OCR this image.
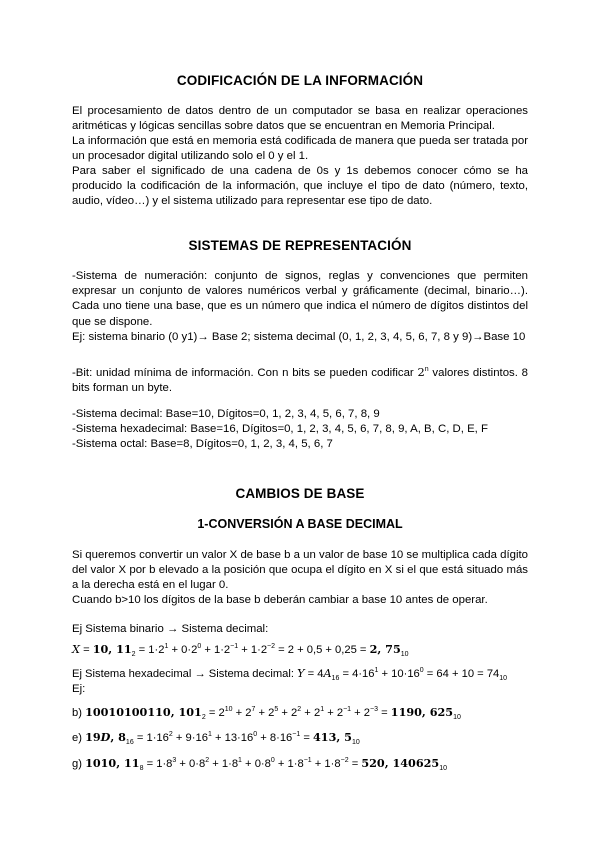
CODIFICACIÓN DE LA INFORMACIÓN

El procesamiento de datos dentro de un computador se basa en realizar operaciones aritméticas y lógicas sencillas sobre datos que se encuentran en Memoria Principal.

La información que está en memoria está codificada de manera que pueda ser tratada por un procesador digital utilizando solo el 0 y el 1.

Para saber el significado de una cadena de 0s y 1s debemos conocer cómo se ha producido la codificación de la información, que incluye el tipo de dato (número, texto, audio, vídeo…) y el sistema utilizado para representar ese tipo de dato.

SISTEMAS DE REPRESENTACIÓN

-Sistema de numeración: conjunto de signos, reglas y convenciones que permiten expresar un conjunto de valores numéricos verbal y gráficamente (decimal, binario…). Cada uno tiene una base, que es un número que indica el número de dígitos distintos del que se dispone.

Ej: sistema binario (0 y1)→ Base 2; sistema decimal (0, 1, 2, 3, 4, 5, 6, 7, 8 y 9)→Base 10

-Bit: unidad mínima de información. Con n bits se pueden codificar 2$^n$ valores distintos. 8 bits forman un byte.

-Sistema decimal: Base=10, Dígitos=0, 1, 2, 3, 4, 5, 6, 7, 8, 9

-Sistema hexadecimal: Base=16, Dígitos=0, 1, 2, 3, 4, 5, 6, 7, 8, 9, A, B, C, D, E, F

-Sistema octal: Base=8, Dígitos=0, 1, 2, 3, 4, 5, 6, 7

CAMBIOS DE BASE
1-CONVERSIÓN A BASE DECIMAL

Si queremos convertir un valor X de base b a un valor de base 10 se multiplica cada dígito del valor X por b elevado a la posición que ocupa el dígito en X si el que está situado más a la derecha está en el lugar 0.

Cuando b>10 los dígitos de la base b deberán cambiar a base 10 antes de operar.

Ej Sistema binario → Sistema decimal:

X = 10, $11_2 = 1\cdot 2^1 + 0\cdot 2^0 + 1\cdot 2^{-1} + 1\cdot 2^{-2} = 2 + 0,5 + 0,25 = 2$, $75_{10}$
Ej Sistema hexadecimal → Sistema decimal: $Y = 4A_{16} = 4\cdot 16^1 + 10\cdot 16^0 = 64 + 10 = 74_{10}$

Ej:

b) 10010100110, $101_2 = 2^{10} + 2^7 + 2^5 + 2^2 + 2^1 + 2^{-1} + 2^{-3} = 1190$, $625_{10}$
e) 19D, $8_{16} = 1\cdot 16^2 + 9\cdot 16^1 + 13\cdot 16^0 + 8\cdot 16^{-1} = 413$, $5_{10}$
g) 1010, $11_8 = 1\cdot 8^3 + 0\cdot 8^2 + 1\cdot 8^1 + 0\cdot 8^0 + 1\cdot 8^{-1} + 1\cdot 8^{-2} = 520$, $140625_{10}$
